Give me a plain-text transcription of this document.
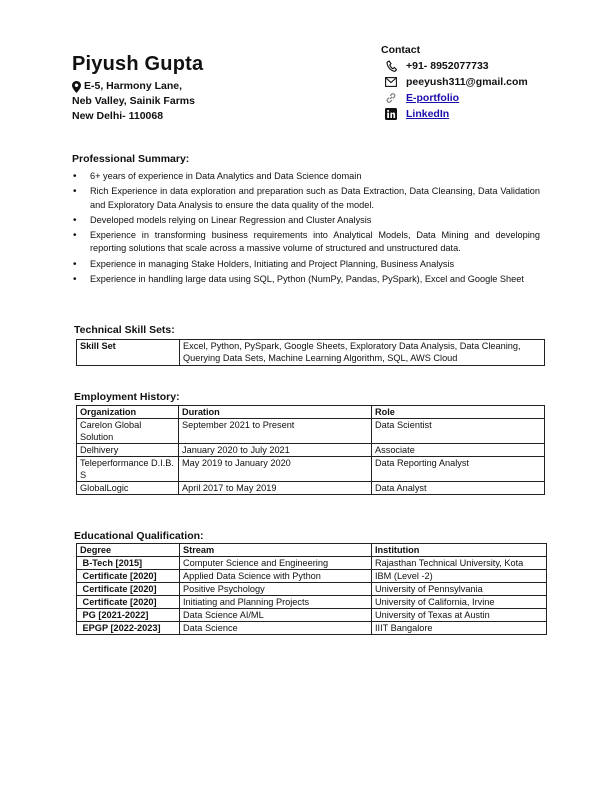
Piyush Gupta
E-5, Harmony Lane,
Neb Valley, Sainik Farms
New Delhi- 110068
Contact
+91- 8952077733
peeyush311@gmail.com
E-portfolio
LinkedIn
Professional Summary:
• 6+ years of experience in Data Analytics and Data Science domain
• Rich Experience in data exploration and preparation such as Data Extraction, Data Cleansing, Data Validation and Exploratory Data Analysis to ensure the data quality of the model.
• Developed models relying on Linear Regression and Cluster Analysis
• Experience in transforming business requirements into Analytical Models, Data Mining and developing reporting solutions that scale across a massive volume of structured and unstructured data.
• Experience in managing Stake Holders, Initiating and Project Planning, Business Analysis
• Experience in handling large data using SQL, Python (NumPy, Pandas, PySpark), Excel and Google Sheet
Technical Skill Sets:
Skill Set	Excel, Python, PySpark, Google Sheets, Exploratory Data Analysis, Data Cleaning, Querying Data Sets, Machine Learning Algorithm, SQL, AWS Cloud
Employment History:
Organization	Duration	Role
Carelon Global Solution	September 2021 to Present	Data Scientist
Delhivery	January 2020 to July 2021	Associate
Teleperformance D.I.B. S	May 2019 to January 2020	Data Reporting Analyst
GlobalLogic	April 2017 to May 2019	Data Analyst
Educational Qualification:
Degree	Stream	Institution
B-Tech [2015]	Computer Science and Engineering	Rajasthan Technical University, Kota
Certificate [2020]	Applied Data Science with Python	IBM (Level -2)
Certificate [2020]	Positive Psychology	University of Pennsylvania
Certificate [2020]	Initiating and Planning Projects	University of California, Irvine
PG [2021-2022]	Data Science AI/ML	University of Texas at Austin
EPGP [2022-2023]	Data Science	IIIT Bangalore
